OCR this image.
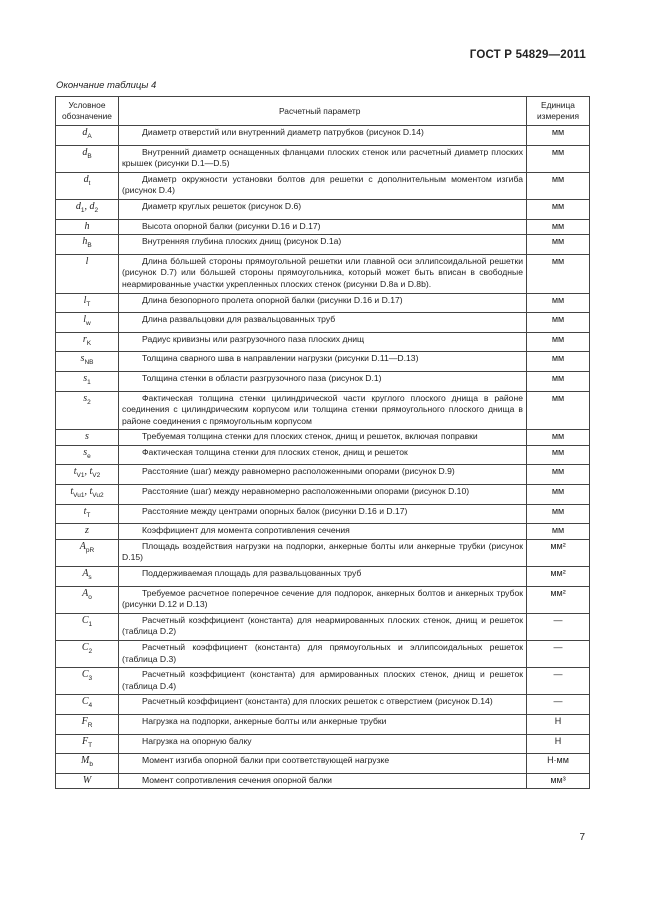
ГОСТ Р 54829—2011
Окончание таблицы 4
Условное обозначение	Расчетный параметр	Единица измерения
$d_A$	Диаметр отверстий или внутренний диаметр патрубков (рисунок D.14)	мм
$d_B$	Внутренний диаметр оснащенных фланцами плоских стенок или расчетный диаметр плоских крышек (рисунки D.1—D.5)	мм
$d_t$	Диаметр окружности установки болтов для решетки с дополнительным моментом изгиба (рисунок D.4)	мм
$d_1$, $d_2$	Диаметр круглых решеток (рисунок D.6)	мм
h	Высота опорной балки (рисунки D.16 и D.17)	мм
$h_B$	Внутренняя глубина плоских днищ (рисунок D.1a)	мм
l	Длина бóльшей стороны прямоугольной решетки или главной оси эллипсоидальной решетки (рисунок D.7) или бóльшей стороны прямоугольника, который может быть вписан в свободные неармированные участки укрепленных плоских стенок (рисунки D.8a и D.8b).	мм
$l_T$	Длина безопорного пролета опорной балки (рисунки D.16 и D.17)	мм
$l_w$	Длина развальцовки для развальцованных труб	мм
$r_K$	Радиус кривизны или разгрузочного паза плоских днищ	мм
$s_{NB}$	Толщина сварного шва в направлении нагрузки (рисунки D.11—D.13)	мм
$s_1$	Толщина стенки в области разгрузочного паза (рисунок D.1)	мм
$s_2$	Фактическая толщина стенки цилиндрической части круглого плоского днища в районе соединения с цилиндрическим корпусом или толщина стенки прямоугольного плоского днища в районе соединения с прямоугольным корпусом	мм
s	Требуемая толщина стенки для плоских стенок, днищ и решеток, включая поправки	мм
$s_e$	Фактическая толщина стенки для плоских стенок, днищ и решеток	мм
$t_{V1}$, $t_{V2}$	Расстояние (шаг) между равномерно расположенными опорами (рисунок D.9)	мм
$t_{Vu1}$, $t_{Vu2}$	Расстояние (шаг) между неравномерно расположенными опорами (рисунок D.10)	мм
$t_T$	Расстояние между центрами опорных балок (рисунки D.16 и D.17)	мм
z	Коэффициент для момента сопротивления сечения	мм
$A_{pR}$	Площадь воздействия нагрузки на подпорки, анкерные болты или анкерные трубки (рисунок D.15)	мм²
$A_s$	Поддерживаемая площадь для развальцованных труб	мм²
$A_o$	Требуемое расчетное поперечное сечение для подпорок, анкерных болтов и анкерных трубок (рисунки D.12 и D.13)	мм²
$C_1$	Расчетный коэффициент (константа) для неармированных плоских стенок, днищ и решеток (таблица D.2)	—
$C_2$	Расчетный коэффициент (константа) для прямоугольных и эллипсоидальных решеток (таблица D.3)	—
$C_3$	Расчетный коэффициент (константа) для армированных плоских стенок, днищ и решеток (таблица D.4)	—
$C_4$	Расчетный коэффициент (константа) для плоских решеток с отверстием (рисунок D.14)	—
$F_R$	Нагрузка на подпорки, анкерные болты или анкерные трубки	Н
$F_T$	Нагрузка на опорную балку	Н
$M_b$	Момент изгиба опорной балки при соответствующей нагрузке	Н·мм
W	Момент сопротивления сечения опорной балки	мм³
7
